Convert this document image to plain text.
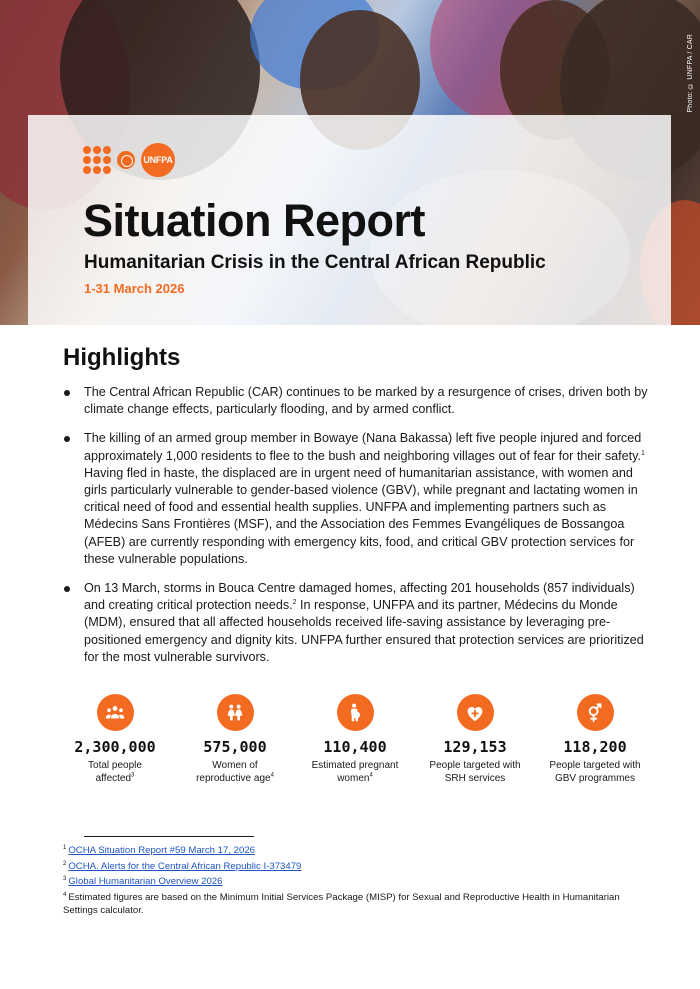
Photo: © UNFPA / CAR
UNFPA
Situation Report
Humanitarian Crisis in the Central African Republic
1-31 March 2026
Highlights
The Central African Republic (CAR) continues to be marked by a resurgence of crises, driven both by climate change effects, particularly flooding, and by armed conflict.
The killing of an armed group member in Bowaye (Nana Bakassa) left five people injured and forced approximately 1,000 residents to flee to the bush and neighboring villages out of fear for their safety.$^1$ Having fled in haste, the displaced are in urgent need of humanitarian assistance, with women and girls particularly vulnerable to gender-based violence (GBV), while pregnant and lactating women in critical need of food and essential health supplies. UNFPA and implementing partners such as Médecins Sans Frontières (MSF), and the Association des Femmes Evangéliques de Bossangoa (AFEB) are currently responding with emergency kits, food, and critical GBV protection services for these vulnerable populations.
On 13 March, storms in Bouca Centre damaged homes, affecting 201 households (857 individuals) and creating critical protection needs.$^2$ In response, UNFPA and its partner, Médecins du Monde (MDM), ensured that all affected households received life-saving assistance by leveraging pre-positioned emergency and dignity kits. UNFPA further ensured that protection services are prioritized for the most vulnerable survivors.
2,300,000
Total people
affected$^3$
575,000
Women of
reproductive age$^4$
110,400
Estimated pregnant
women$^4$
129,153
People targeted with
SRH services
118,200
People targeted with
GBV programmes
$^1$ OCHA Situation Report #59 March 17, 2026
$^2$ OCHA. Alerts for the Central African Republic I-373479
$^3$ Global Humanitarian Overview 2026
$^4$ Estimated figures are based on the Minimum Initial Services Package (MISP) for Sexual and Reproductive Health in Humanitarian Settings calculator.
